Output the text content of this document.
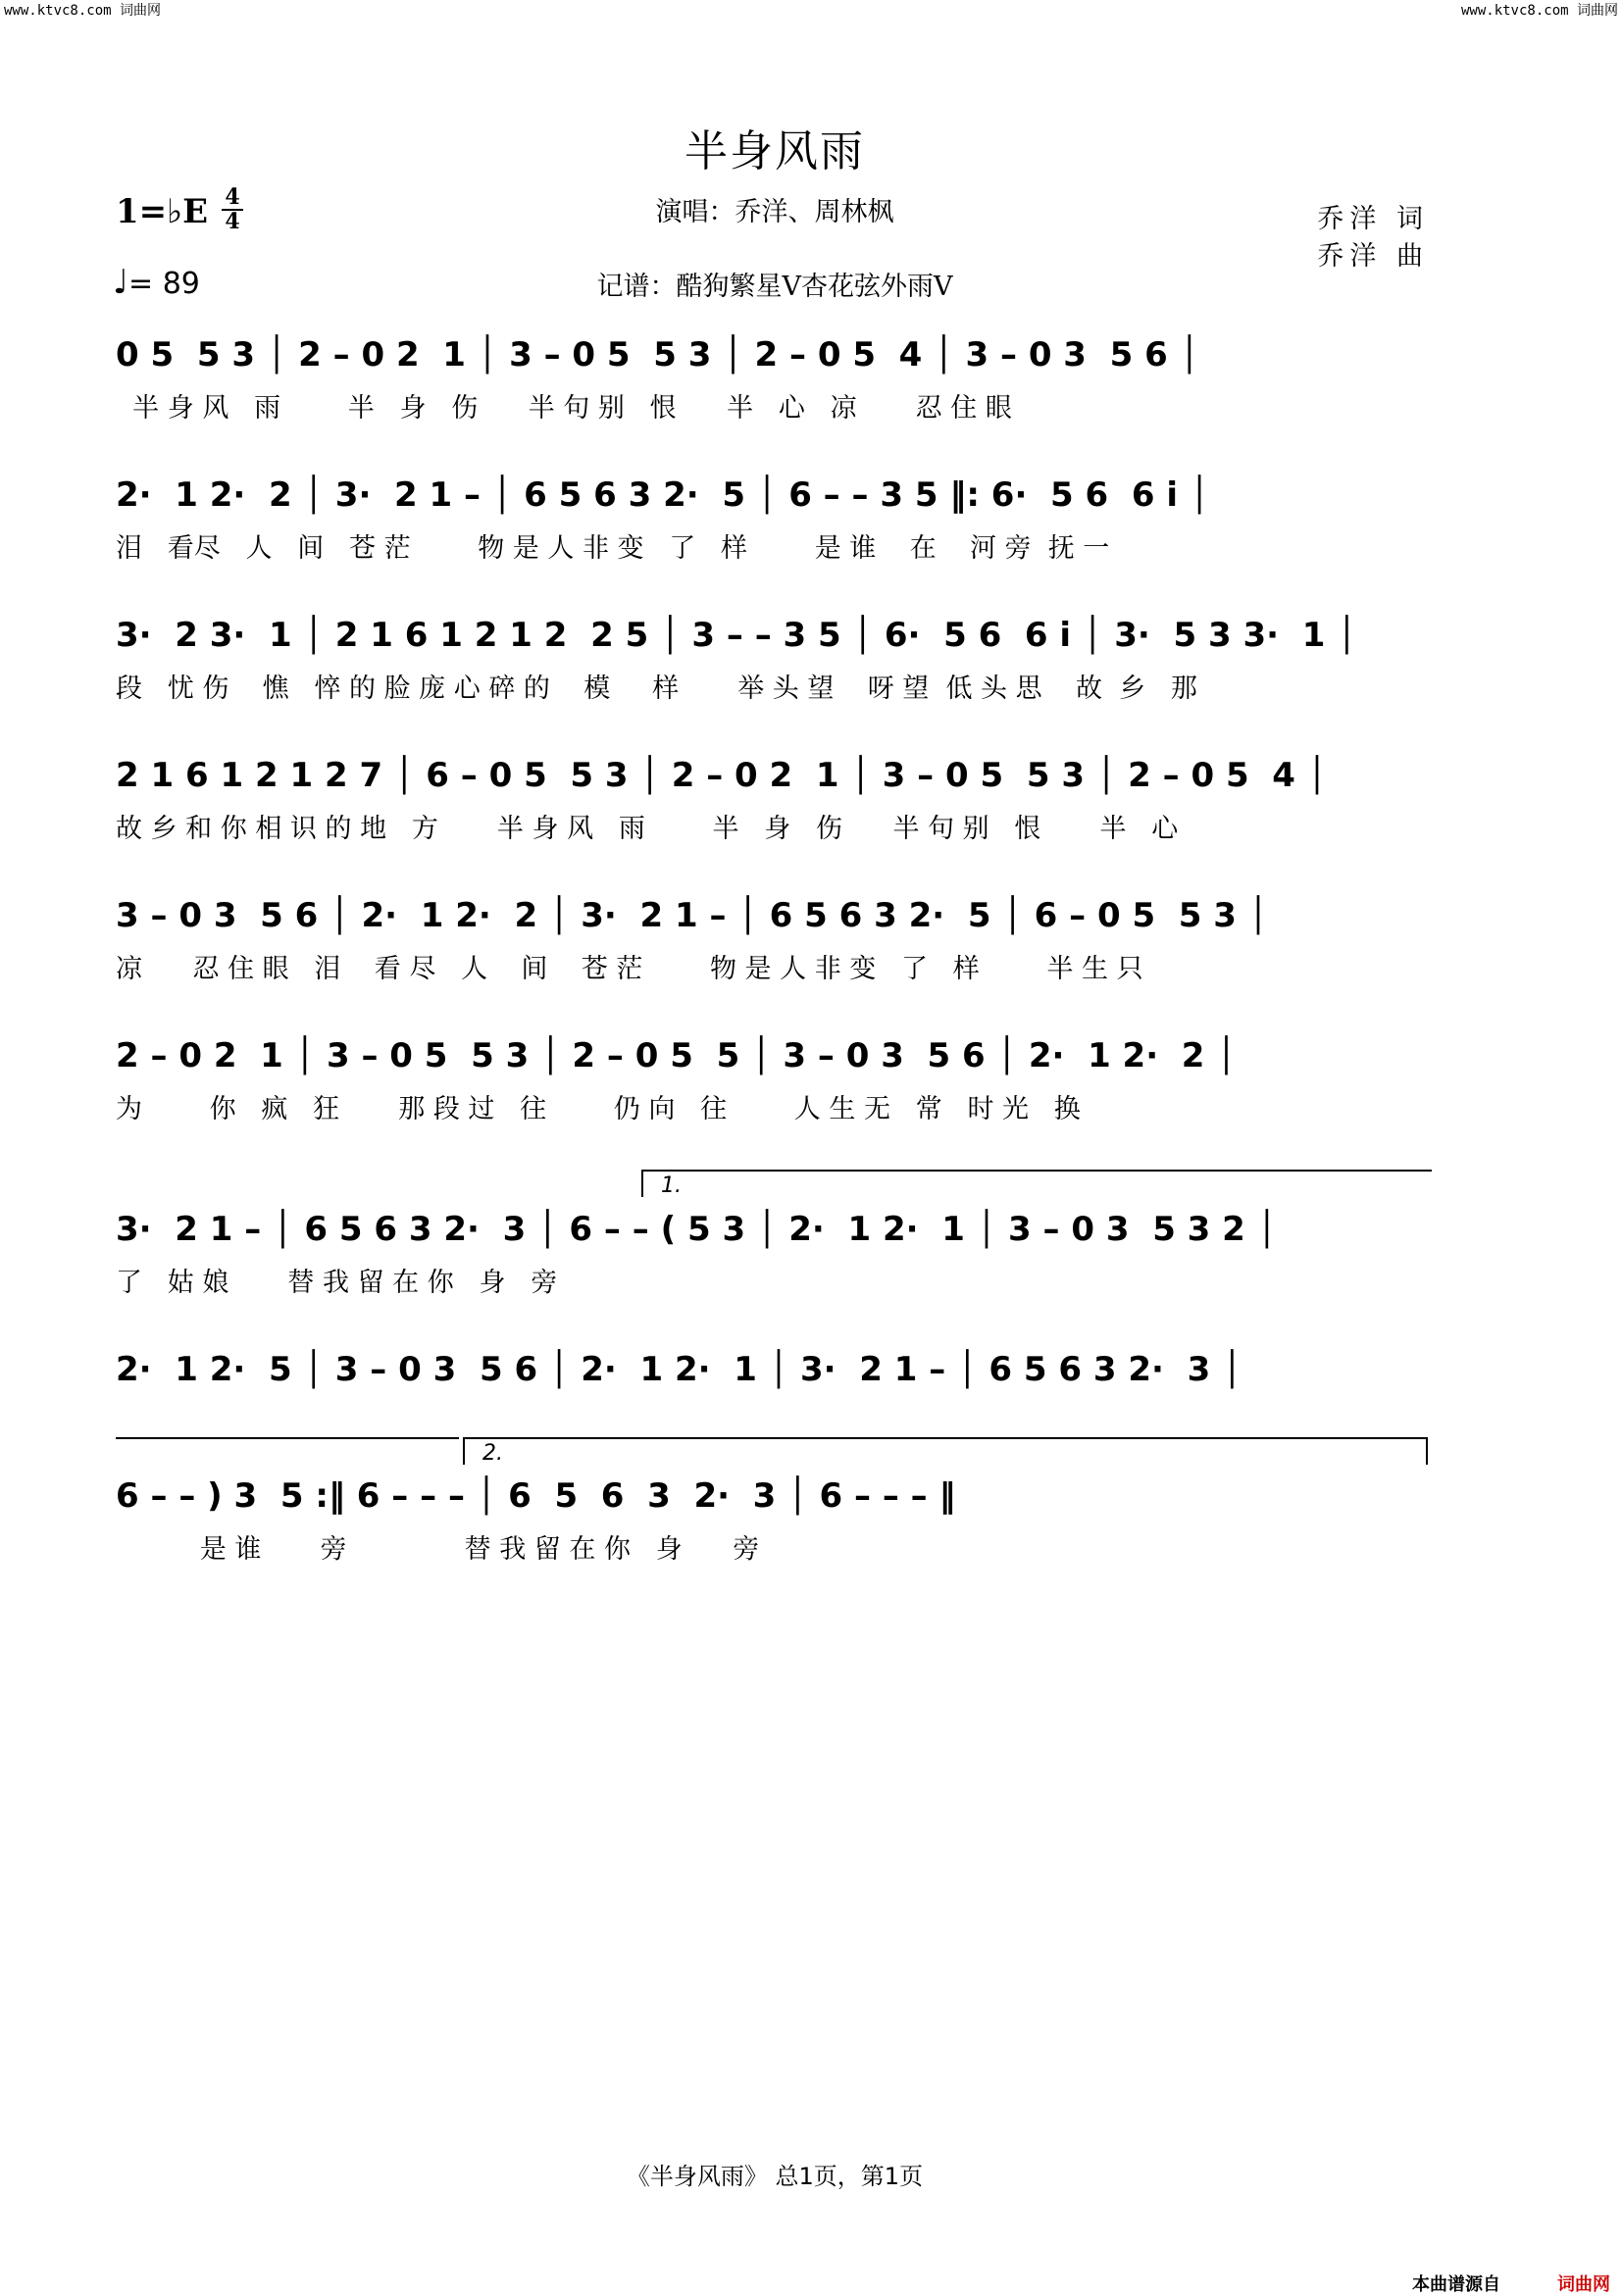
www.ktvc8.com 词曲网	www.ktvc8.com 词曲网
半身风雨
演唱：乔洋、周林枫
记谱：酷狗繁星V杏花弦外雨V
1=♭E 4
4
♩= 89
乔洋 词
乔洋 曲
0 5  5 3 │ 2 – 0 2  1 │ 3 – 0 5  5 3 │ 2 – 0 5  4 │ 3 – 0 3  5 6 │
半 身 风   雨        半   身   伤      半 句 别   恨      半   心   凉       忍 住 眼
2·  1 2·  2 │ 3·  2 1 – │ 6 5 6 3 2·  5 │ 6 – – 3 5 ‖: 6·  5 6  6 i │
泪   看尽   人   间   苍 茫        物 是 人 非 变   了   样        是 谁    在    河 旁  抚 一
3·  2 3·  1 │ 2 1 6 1 2 1 2  2 5 │ 3 – – 3 5 │ 6·  5 6  6 i │ 3·  5 3 3·  1 │
段   忧 伤    憔   悴 的 脸 庞 心 碎 的    模     样       举 头 望    呀 望  低 头 思    故  乡   那
2 1 6 1 2 1 2 7 │ 6 – 0 5  5 3 │ 2 – 0 2  1 │ 3 – 0 5  5 3 │ 2 – 0 5  4 │
故 乡 和 你 相 识 的 地   方       半 身 风   雨        半   身   伤      半 句 别   恨       半   心
3 – 0 3  5 6 │ 2·  1 2·  2 │ 3·  2 1 – │ 6 5 6 3 2·  5 │ 6 – 0 5  5 3 │
凉      忍 住 眼   泪    看 尽   人    间    苍 茫        物 是 人 非 变   了   样        半 生 只
2 – 0 2  1 │ 3 – 0 5  5 3 │ 2 – 0 5  5 │ 3 – 0 3  5 6 │ 2·  1 2·  2 │
为        你   疯   狂       那 段 过   往        仍 向   往        人 生 无   常   时 光   换
1.
3·  2 1 – │ 6 5 6 3 2·  3 │ 6 – – ( 5 3 │ 2·  1 2·  1 │ 3 – 0 3  5 3 2 │
了   姑 娘       替 我 留 在 你   身   旁
2·  1 2·  5 │ 3 – 0 3  5 6 │ 2·  1 2·  1 │ 3·  2 1 – │ 6 5 6 3 2·  3 │
2.
6 – – ) 3  5 :‖ 6 – – – │ 6  5  6  3  2·  3 │ 6 – – – ‖
是 谁       旁              替 我 留 在 你   身      旁
《半身风雨》 总1页，第1页
本曲谱源自	词曲网
